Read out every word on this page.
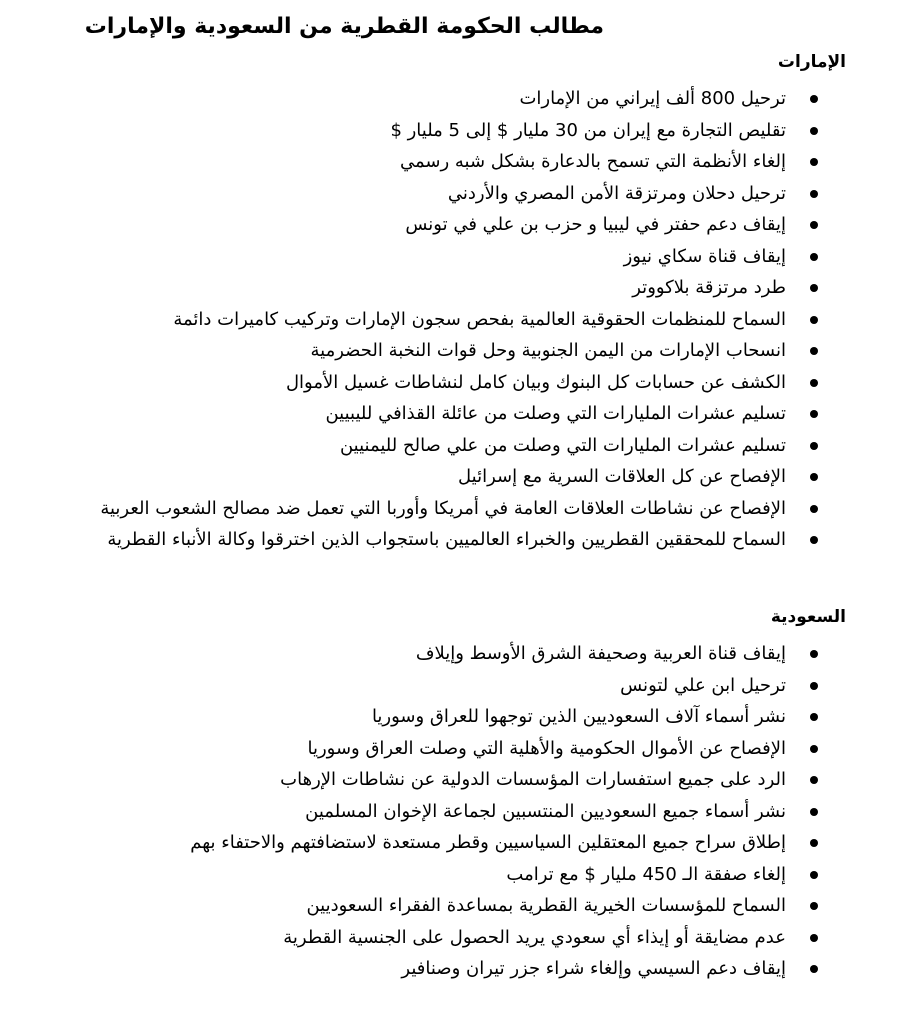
مطالب الحكومة القطرية من السعودية والإمارات
الإمارات
ترحيل 800 ألف إيراني من الإمارات
تقليص التجارة مع إيران من 30 مليار $ إلى 5 مليار $
إلغاء الأنظمة التي تسمح بالدعارة بشكل شبه رسمي
ترحيل دحلان ومرتزقة الأمن المصري والأردني
إيقاف دعم حفتر في ليبيا و حزب بن علي في تونس
إيقاف قناة سكاي نيوز
طرد مرتزقة بلاكووتر
السماح للمنظمات الحقوقية العالمية بفحص سجون الإمارات وتركيب كاميرات دائمة
انسحاب الإمارات من اليمن الجنوبية وحل قوات النخبة الحضرمية
الكشف عن حسابات كل البنوك وبيان كامل لنشاطات غسيل الأموال
تسليم عشرات المليارات التي وصلت من عائلة القذافي لليبيين
تسليم عشرات المليارات التي وصلت من علي صالح لليمنيين
الإفصاح عن كل العلاقات السرية مع إسرائيل
الإفصاح عن نشاطات العلاقات العامة في أمريكا وأوربا التي تعمل ضد مصالح الشعوب العربية
السماح للمحققين القطريين والخبراء العالميين باستجواب الذين اخترقوا وكالة الأنباء القطرية
السعودية
إيقاف قناة العربية وصحيفة الشرق الأوسط وإيلاف
ترحيل ابن علي لتونس
نشر أسماء آلاف السعوديين الذين توجهوا للعراق وسوريا
الإفصاح عن الأموال الحكومية والأهلية التي وصلت العراق وسوريا
الرد على جميع استفسارات المؤسسات الدولية عن نشاطات الإرهاب
نشر أسماء جميع السعوديين المنتسبين لجماعة الإخوان المسلمين
إطلاق سراح جميع المعتقلين السياسيين وقطر مستعدة لاستضافتهم والاحتفاء بهم
إلغاء صفقة الـ 450 مليار $ مع ترامب
السماح للمؤسسات الخيرية القطرية بمساعدة الفقراء السعوديين
عدم مضايقة أو إيذاء أي سعودي يريد الحصول على الجنسية القطرية
إيقاف دعم السيسي وإلغاء شراء جزر تيران وصنافير
